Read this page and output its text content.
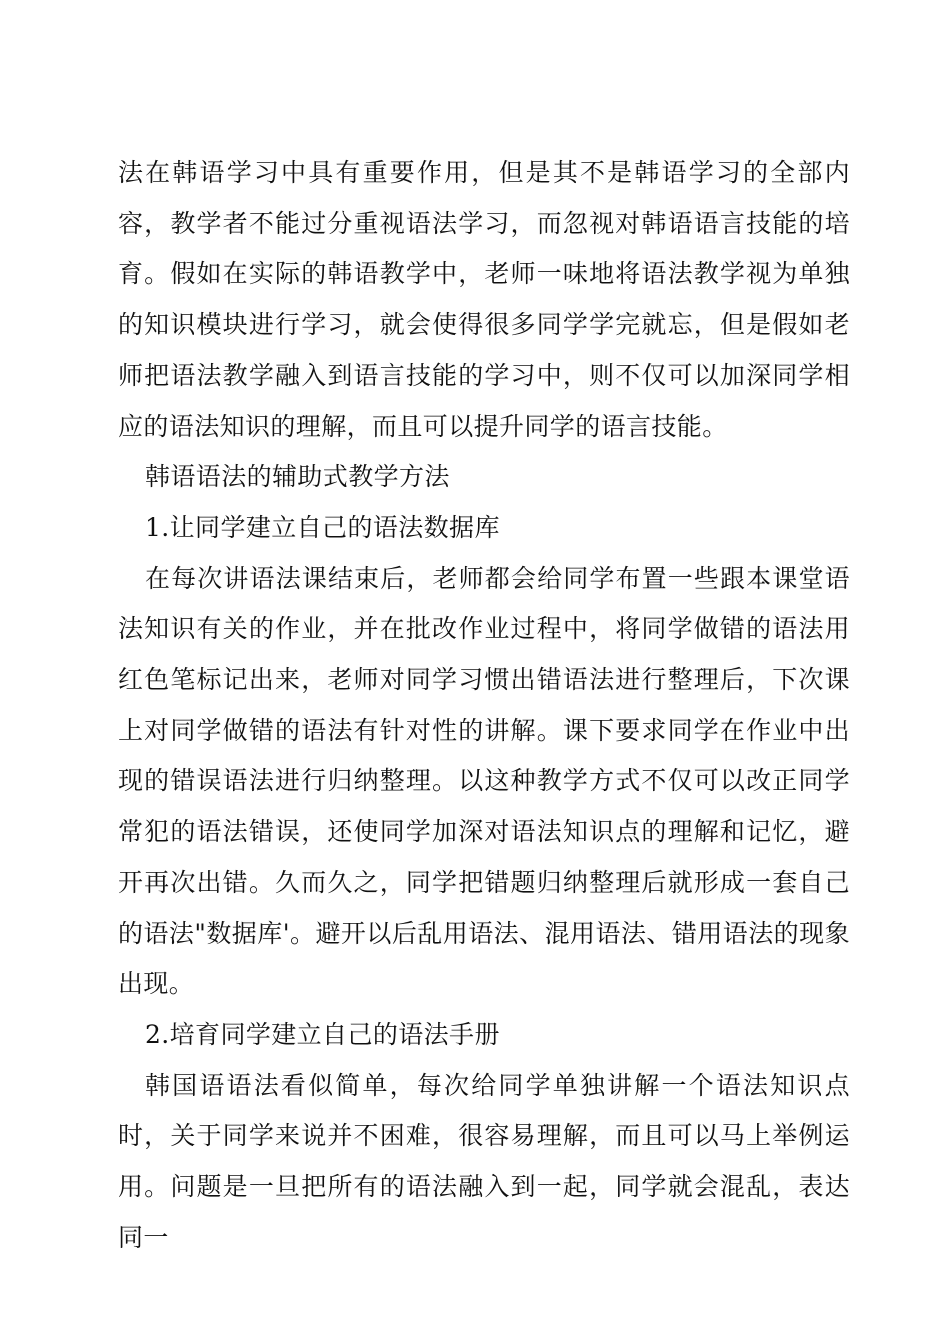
法在韩语学习中具有重要作用，但是其不是韩语学习的全部内容，教学者不能过分重视语法学习，而忽视对韩语语言技能的培育。假如在实际的韩语教学中，老师一味地将语法教学视为单独的知识模块进行学习，就会使得很多同学学完就忘，但是假如老师把语法教学融入到语言技能的学习中，则不仅可以加深同学相应的语法知识的理解，而且可以提升同学的语言技能。

韩语语法的辅助式教学方法

1.让同学建立自己的语法数据库

在每次讲语法课结束后，老师都会给同学布置一些跟本课堂语法知识有关的作业，并在批改作业过程中，将同学做错的语法用红色笔标记出来，老师对同学习惯出错语法进行整理后，下次课上对同学做错的语法有针对性的讲解。课下要求同学在作业中出现的错误语法进行归纳整理。以这种教学方式不仅可以改正同学常犯的语法错误，还使同学加深对语法知识点的理解和记忆，避开再次出错。久而久之，同学把错题归纳整理后就形成一套自己的语法"数据库'。避开以后乱用语法、混用语法、错用语法的现象出现。

2.培育同学建立自己的语法手册

韩国语语法看似简单，每次给同学单独讲解一个语法知识点时，关于同学来说并不困难，很容易理解，而且可以马上举例运用。问题是一旦把所有的语法融入到一起，同学就会混乱，表达同一
